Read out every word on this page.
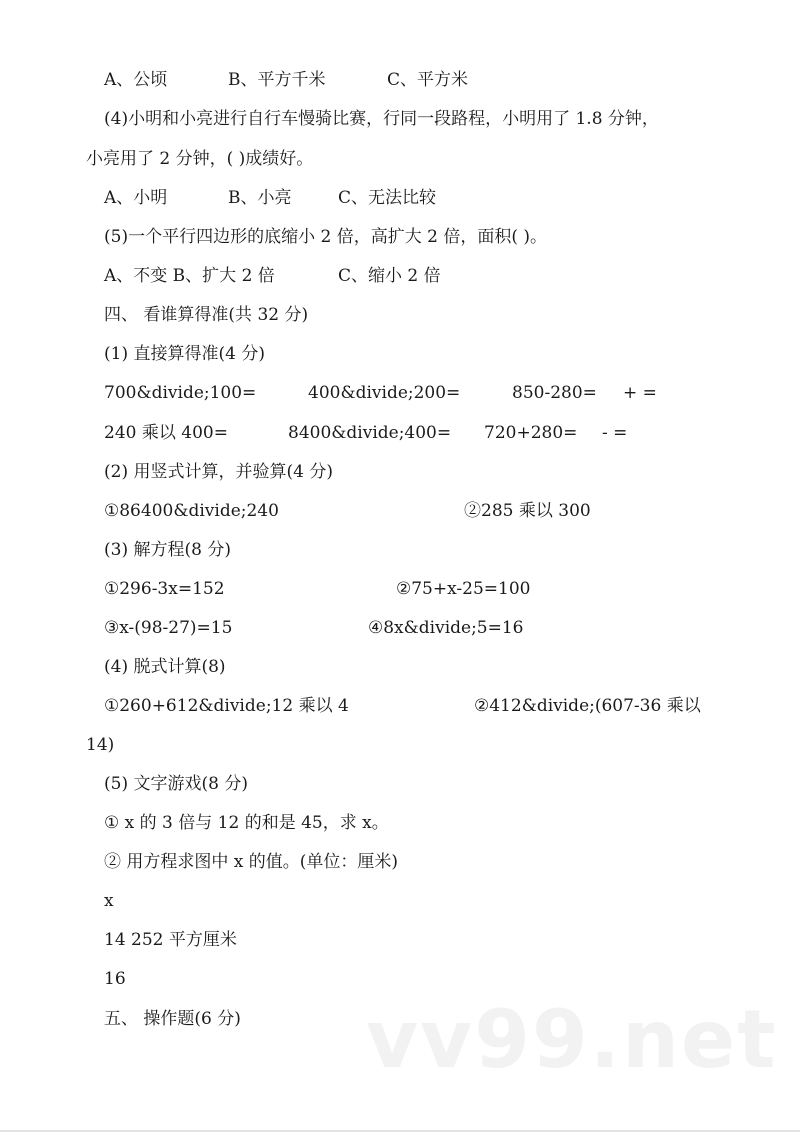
A、公顷	B、平方千米	C、平方米
(4)小明和小亮进行自行车慢骑比赛，行同一段路程，小明用了 1.8 分钟，
小亮用了 2 分钟，( )成绩好。
A、小明	B、小亮	C、无法比较
(5)一个平行四边形的底缩小 2 倍，高扩大 2 倍，面积( )。
A、不变 B、扩大 2 倍	C、缩小 2 倍
四、 看谁算得准(共 32 分)
(1) 直接算得准(4 分)
700&divide;100=	400&divide;200=	850-280= + =
240 乘以 400=	8400&divide;400= 720+280= - =
(2) 用竖式计算，并验算(4 分)
①86400&divide;240	②285 乘以 300
(3) 解方程(8 分)
①296-3x=152	②75+x-25=100
③x-(98-27)=15	④8x&divide;5=16
(4) 脱式计算(8)
①260+612&divide;12 乘以 4	②412&divide;(607-36 乘以
14)
(5) 文字游戏(8 分)
① x 的 3 倍与 12 的和是 45，求 x。
② 用方程求图中 x 的值。(单位：厘米)
x
14 252 平方厘米
16
五、 操作题(6 分) vv99.net
